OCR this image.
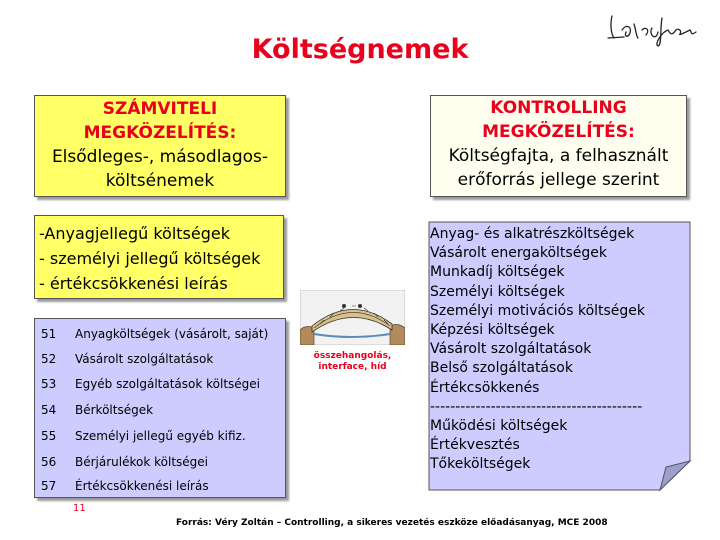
Költségnemek
SZÁMVITELI
MEGKÖZELÍTÉS:
Elsődleges-, másodlagos-
költsénemek
KONTROLLING
MEGKÖZELÍTÉS:
Költségfajta, a felhasznált
erőforrás jellege szerint
-Anyagjellegű költségek
- személyi jellegű költségek
- értékcsökkenési leírás
51	Anyagköltségek (vásárolt, saját)
52	Vásárolt szolgáltatások
53	Egyéb szolgáltatások költségei
54	Bérköltségek
55	Személyi jellegű egyéb kifiz.
56	Bérjárulékok költségei
57	Értékcsökkenési leírás
11
összehangolás,
interface, híd
Anyag- és alkatrészköltségek
Vásárolt energaköltségek
Munkadíj költségek
Személyi költségek
Személyi motivációs költségek
Képzési költségek
Vásárolt szolgáltatások
Belső szolgáltatások
Értékcsökkenés
------------------------------------------
Működési költségek
Értékvesztés
Tőkeköltségek
Forrás: Véry Zoltán – Controlling, a sikeres vezetés eszköze előadásanyag, MCE 2008
